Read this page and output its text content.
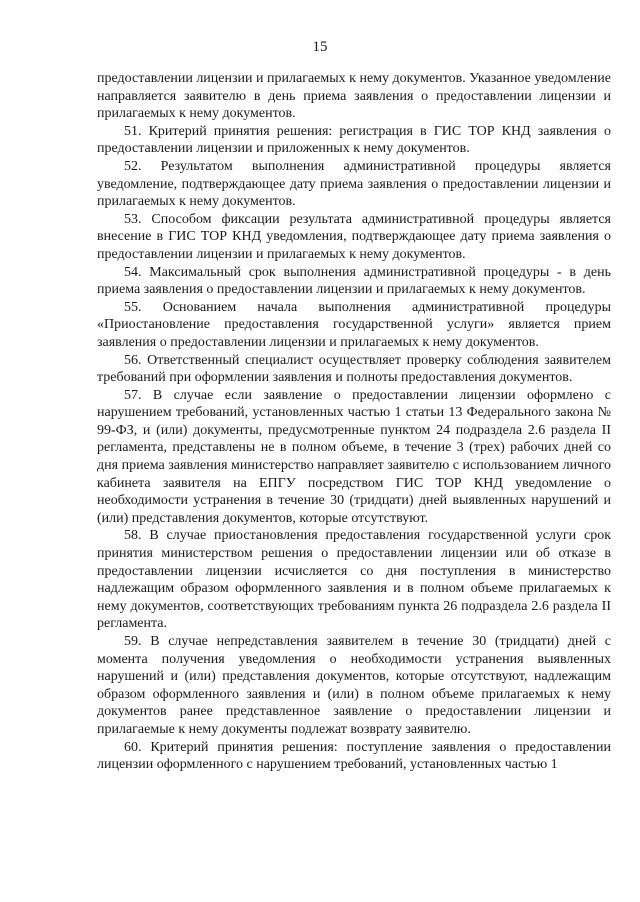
15

предоставлении лицензии и прилагаемых к нему документов. Указанное уведомление направляется заявителю в день приема заявления о предоставлении лицензии и прилагаемых к нему документов.

51. Критерий принятия решения: регистрация в ГИС ТОР КНД заявления о предоставлении лицензии и приложенных к нему документов.

52. Результатом выполнения административной процедуры является уведомление, подтверждающее дату приема заявления о предоставлении лицензии и прилагаемых к нему документов.

53. Способом фиксации результата административной процедуры является внесение в ГИС ТОР КНД уведомления, подтверждающее дату приема заявления о предоставлении лицензии и прилагаемых к нему документов.

54. Максимальный срок выполнения административной процедуры - в день приема заявления о предоставлении лицензии и прилагаемых к нему документов.

55. Основанием начала выполнения административной процедуры «Приостановление предоставления государственной услуги» является прием заявления о предоставлении лицензии и прилагаемых к нему документов.

56. Ответственный специалист осуществляет проверку соблюдения заявителем требований при оформлении заявления и полноты предоставления документов.

57. В случае если заявление о предоставлении лицензии оформлено с нарушением требований, установленных частью 1 статьи 13 Федерального закона № 99-ФЗ, и (или) документы, предусмотренные пунктом 24 подраздела 2.6 раздела II регламента, представлены не в полном объеме, в течение 3 (трех) рабочих дней со дня приема заявления министерство направляет заявителю с использованием личного кабинета заявителя на ЕПГУ посредством ГИС ТОР КНД уведомление о необходимости устранения в течение 30 (тридцати) дней выявленных нарушений и (или) представления документов, которые отсутствуют.

58. В случае приостановления предоставления государственной услуги срок принятия министерством решения о предоставлении лицензии или об отказе в предоставлении лицензии исчисляется со дня поступления в министерство надлежащим образом оформленного заявления и в полном объеме прилагаемых к нему документов, соответствующих требованиям пункта 26 подраздела 2.6 раздела II регламента.

59. В случае непредставления заявителем в течение 30 (тридцати) дней с момента получения уведомления о необходимости устранения выявленных нарушений и (или) представления документов, которые отсутствуют, надлежащим образом оформленного заявления и (или) в полном объеме прилагаемых к нему документов ранее представленное заявление о предоставлении лицензии и прилагаемые к нему документы подлежат возврату заявителю.

60. Критерий принятия решения: поступление заявления о предоставлении лицензии оформленного с нарушением требований, установленных частью 1
